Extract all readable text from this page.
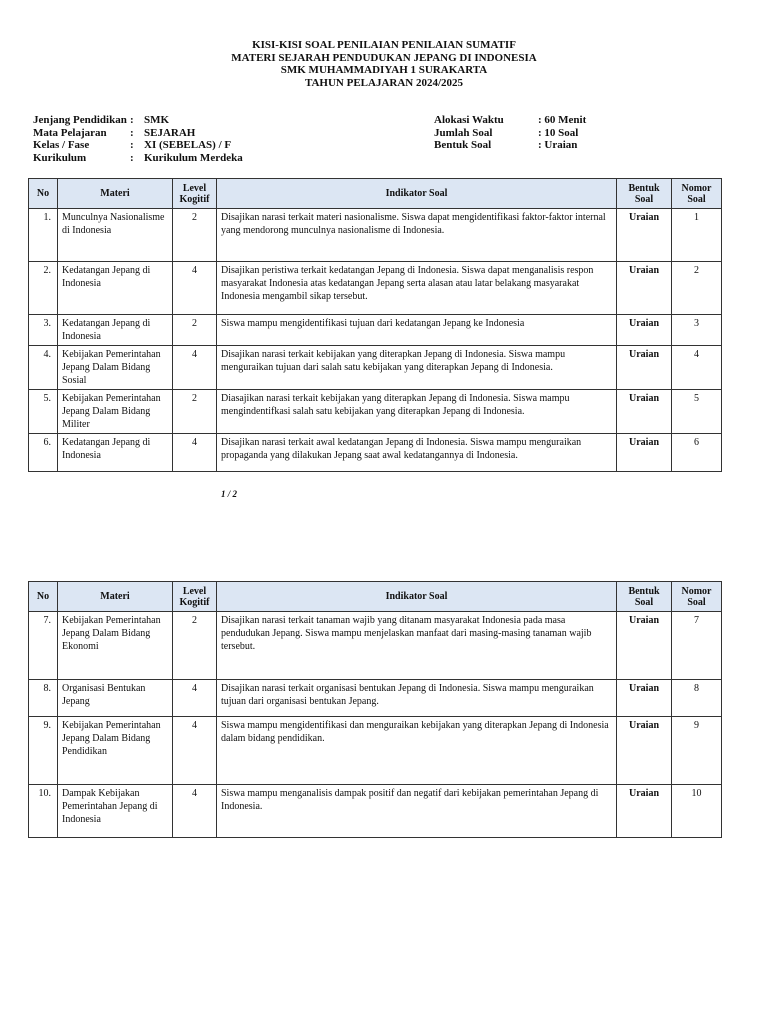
KISI-KISI SOAL PENILAIAN PENILAIAN SUMATIF
MATERI SEJARAH PENDUDUKAN JEPANG DI INDONESIA
SMK MUHAMMADIYAH 1 SURAKARTA
TAHUN PELAJARAN 2024/2025
Jenjang Pendidikan : SMK
Mata Pelajaran	: SEJARAH
Kelas / Fase	: XI (SEBELAS) / F
Kurikulum	: Kurikulum Merdeka
Alokasi Waktu	: 60 Menit
Jumlah Soal	: 10 Soal
Bentuk Soal	: Uraian
No	Materi	Level Kogitif	Indikator Soal	Bentuk Soal	Nomor Soal
1.	Munculnya Nasionalisme di Indonesia	2	Disajikan narasi terkait materi nasionalisme. Siswa dapat mengidentifikasi faktor-faktor internal yang mendorong munculnya nasionalisme di Indonesia.	Uraian	1
2.	Kedatangan Jepang di Indonesia	4	Disajikan peristiwa terkait kedatangan Jepang di Indonesia. Siswa dapat menganalisis respon masyarakat Indonesia atas kedatangan Jepang serta alasan atau latar belakang masyarakat Indonesia mengambil sikap tersebut.	Uraian	2
3.	Kedatangan Jepang di Indonesia	2	Siswa mampu mengidentifikasi tujuan dari kedatangan Jepang ke Indonesia	Uraian	3
4.	Kebijakan Pemerintahan Jepang Dalam Bidang Sosial	4	Disajikan narasi terkait kebijakan yang diterapkan Jepang di Indonesia. Siswa mampu menguraikan tujuan dari salah satu kebijakan yang diterapkan Jepang di Indonesia.	Uraian	4
5.	Kebijakan Pemerintahan Jepang Dalam Bidang Militer	2	Diasajikan narasi terkait kebijakan yang diterapkan Jepang di Indonesia. Siswa mampu mengindentifkasi salah satu kebijakan yang diterapkan Jepang di Indonesia.	Uraian	5
6.	Kedatangan Jepang di Indonesia	4	Disajikan narasi terkait awal kedatangan Jepang di Indonesia. Siswa mampu menguraikan propaganda yang dilakukan Jepang saat awal kedatangannya di Indonesia.	Uraian	6
1 / 2
No	Materi	Level Kogitif	Indikator Soal	Bentuk Soal	Nomor Soal
7.	Kebijakan Pemerintahan Jepang Dalam Bidang Ekonomi	2	Disajikan narasi terkait tanaman wajib yang ditanam masyarakat Indonesia pada masa pendudukan Jepang. Siswa mampu menjelaskan manfaat dari masing-masing tanaman wajib tersebut.	Uraian	7
8.	Organisasi Bentukan Jepang	4	Disajikan narasi terkait organisasi bentukan Jepang di Indonesia. Siswa mampu menguraikan tujuan dari organisasi bentukan Jepang.	Uraian	8
9.	Kebijakan Pemerintahan Jepang Dalam Bidang Pendidikan	4	Siswa mampu mengidentifikasi dan menguraikan kebijakan yang diterapkan Jepang di Indonesia dalam bidang pendidikan.	Uraian	9
10.	Dampak Kebijakan Pemerintahan Jepang di Indonesia	4	Siswa mampu menganalisis dampak positif dan negatif dari kebijakan pemerintahan Jepang di Indonesia.	Uraian	10
